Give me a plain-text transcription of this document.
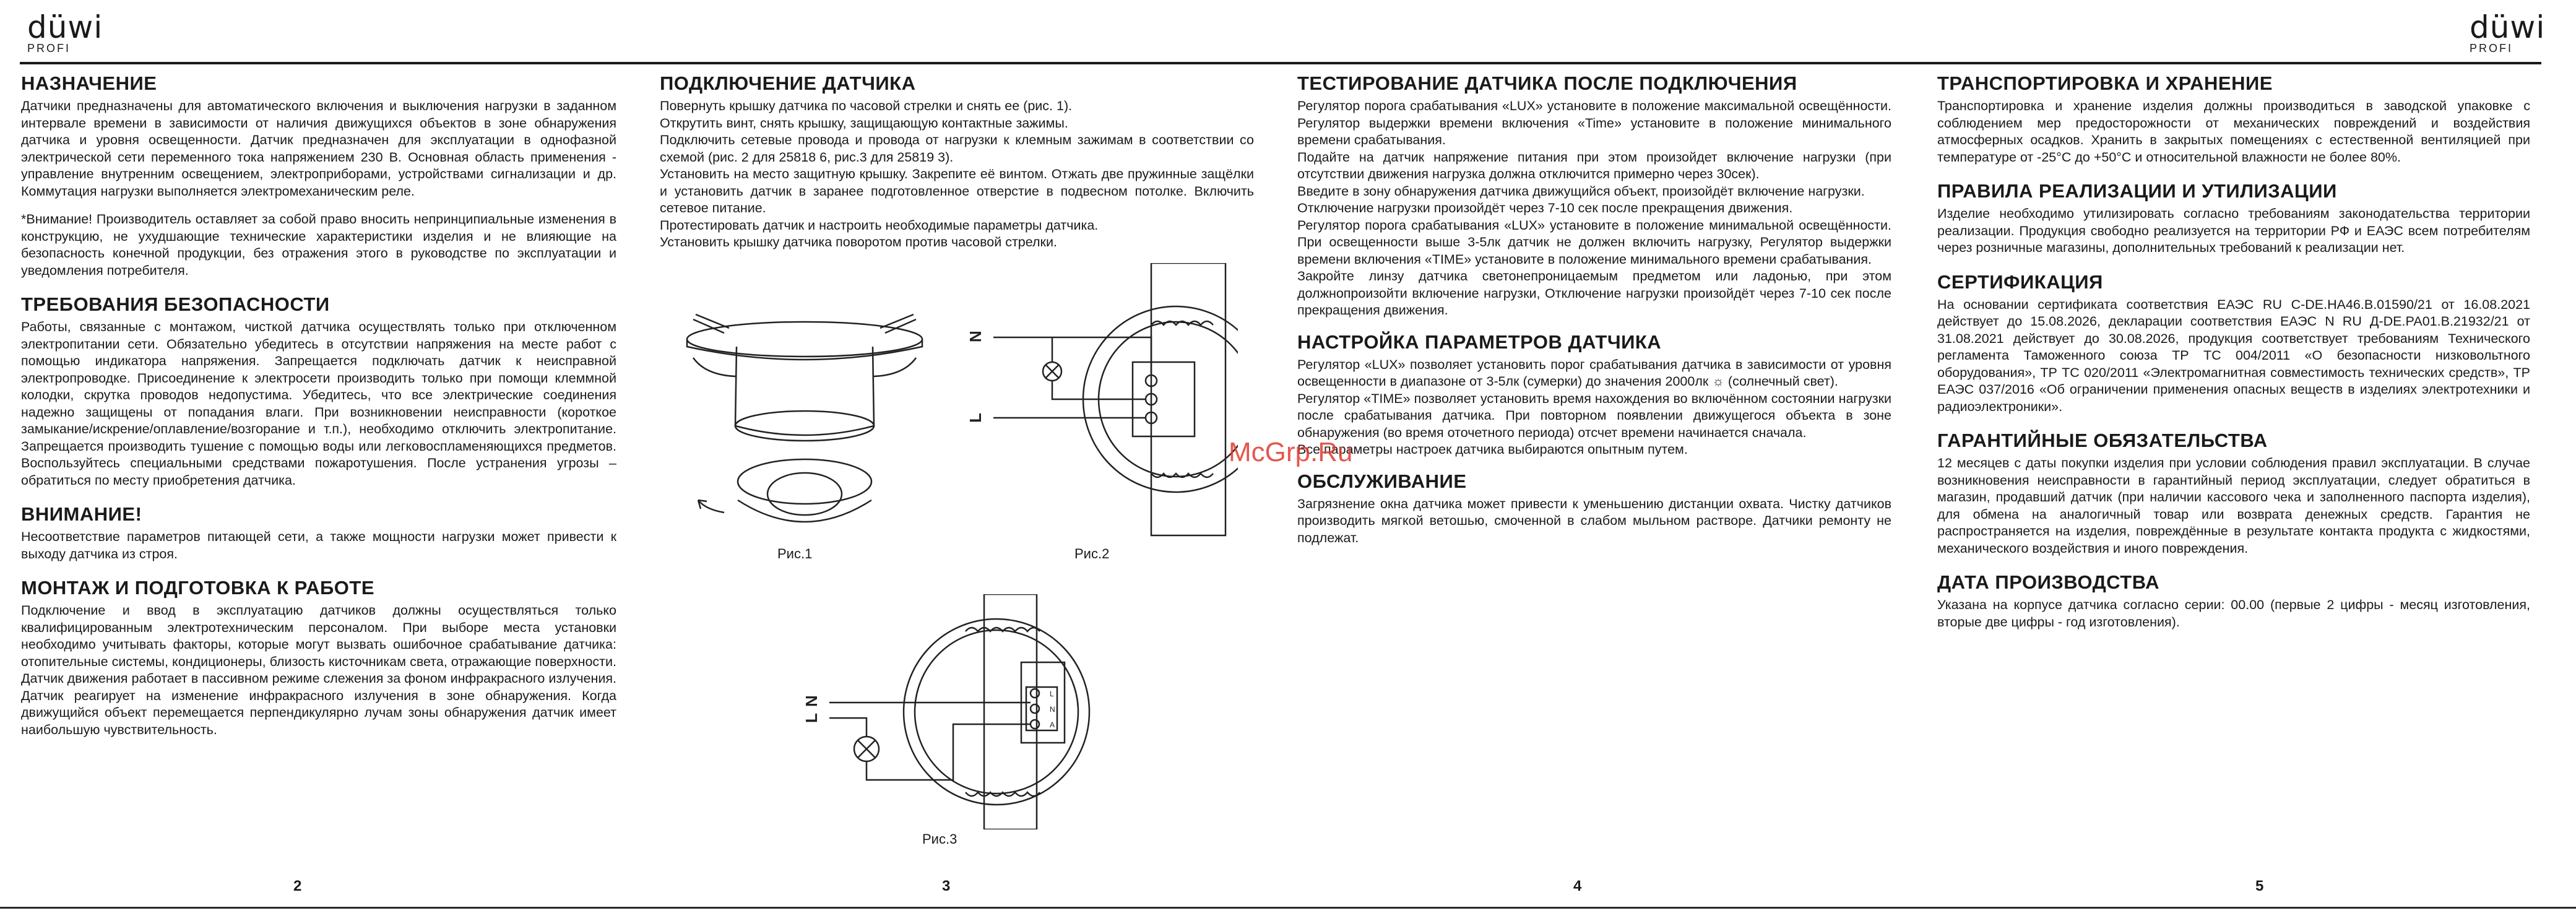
düwi
PROFI
düwi
PROFI
НАЗНАЧЕНИЕ

Датчики предназначены для автоматического включения и выключения нагрузки в заданном интервале времени в зависимости от наличия движущихся объектов в зоне обнаружения датчика и уровня освещенности. Датчик предназначен для эксплуатации в однофазной электрической сети переменного тока напряжением 230 В. Основная область применения - управление внутренним освещением, электроприборами, устройствами сигнализации и др. Коммутация нагрузки выполняется электромеханическим реле.

*Внимание! Производитель оставляет за собой право вносить непринципиальные изменения в конструкцию, не ухудшающие технические характеристики изделия и не влияющие на безопасность конечной продукции, без отражения этого в руководстве по эксплуатации и уведомления потребителя.

ТРЕБОВАНИЯ БЕЗОПАСНОСТИ

Работы, связанные с монтажом, чисткой датчика осуществлять только при отключенном электропитании сети. Обязательно убедитесь в отсутствии напряжения на месте работ с помощью индикатора напряжения. Запрещается подключать датчик к неисправной электропроводке. Присоединение к электросети производить только при помощи клеммной колодки, скрутка проводов недопустима. Убедитесь, что все электрические соединения надежно защищены от попадания влаги. При возникновении неисправности (короткое замыкание/искрение/оплавление/возгорание и т.п.), необходимо отключить электропитание. Запрещается производить тушение с помощью воды или легковоспламеняющихся предметов. Воспользуйтесь специальными средствами пожаротушения. После устранения угрозы – обратиться по месту приобретения датчика.

ВНИМАНИЕ!

Несоответствие параметров питающей сети, а также мощности нагрузки может привести к выходу датчика из строя.

МОНТАЖ И ПОДГОТОВКА К РАБОТЕ

Подключение и ввод в эксплуатацию датчиков должны осуществляться только квалифицированным электротехническим персоналом. При выборе места установки необходимо учитывать факторы, которые могут вызвать ошибочное срабатывание датчика: отопительные системы, кондиционеры, близость кисточникам света, отражающие поверхности. Датчик движения работает в пассивном режиме слежения за фоном инфракрасного излучения. Датчик реагирует на изменение инфракрасного излучения в зоне обнаружения. Когда движущийся объект перемещается перпендикулярно лучам зоны обнаружения датчик имеет наибольшую чувствительность.

ПОДКЛЮЧЕНИЕ ДАТЧИКА

Повернуть крышку датчика по часовой стрелки и снять ее (рис. 1).

Открутить винт, снять крышку, защищающую контактные зажимы.

Подключить сетевые провода и провода от нагрузки к клемным зажимам в соответствии со схемой (рис. 2 для 25818 6, рис.3 для 25819 3).

Установить на место защитную крышку. Закрепите её винтом. Отжать две пружинные защёлки и установить датчик в заранее подготовленное отверстие в подвесном потолке. Включить сетевое питание.

Протестировать датчик и настроить необходимые параметры датчика.

Установить крышку датчика поворотом против часовой стрелки.

Рис.1
N
L
Рис.2
N
L
L
N
A
Рис.3
ТЕСТИРОВАНИЕ ДАТЧИКА ПОСЛЕ ПОДКЛЮЧЕНИЯ

Регулятор порога срабатывания «LUX» установите в положение максимальной освещённости. Регулятор выдержки времени включения «Time» установите в положение минимального времени срабатывания.

Подайте на датчик напряжение питания при этом произойдет включение нагрузки (при отсутствии движения нагрузка должна отключится примерно через 30сек).

Введите в зону обнаружения датчика движущийся объект, произойдёт включение нагрузки.

Отключение нагрузки произойдёт через 7-10 сек после прекращения движения.

Регулятор порога срабатывания «LUX» установите в положение минимальной освещённости. При освещенности выше 3-5лк датчик не должен включить нагрузку, Регулятор выдержки времени включения «TIME» установите в положение минимального времени срабатывания.

Закройте линзу датчика светонепроницаемым предметом или ладонью, при этом должнопроизойти включение нагрузки, Отключение нагрузки произойдёт через 7-10 сек после прекращения движения.

НАСТРОЙКА ПАРАМЕТРОВ ДАТЧИКА

Регулятор «LUX» позволяет установить порог срабатывания датчика в зависимости от уровня освещенности в диапазоне от 3-5лк (сумерки) до значения 2000лк ☼ (солнечный свет).

Регулятор «TIME» позволяет установить время нахождения во включённом состоянии нагрузки после срабатывания датчика. При повторном появлении движущегося объекта в зоне обнаружения (во время оточетного периода) отсчет времени начинается сначала.

Все параметры настроек датчика выбираются опытным путем.

ОБСЛУЖИВАНИЕ

Загрязнение окна датчика может привести к уменьшению дистанции охвата. Чистку датчиков производить мягкой ветошью, смоченной в слабом мыльном растворе. Датчики ремонту не подлежат.

ТРАНСПОРТИРОВКА И ХРАНЕНИЕ

Транспортировка и хранение изделия должны производиться в заводской упаковке с соблюдением мер предосторожности от механических повреждений и воздействия атмосферных осадков. Хранить в закрытых помещениях с естественной вентиляцией при температуре от -25°С до +50°С и относительной влажности не более 80%.

ПРАВИЛА РЕАЛИЗАЦИИ И УТИЛИЗАЦИИ

Изделие необходимо утилизировать согласно требованиям законодательства территории реализации. Продукция свободно реализуется на территории РФ и ЕАЭС всем потребителям через розничные магазины, дополнительных требований к реализации нет.

СЕРТИФИКАЦИЯ

На основании сертификата соответствия ЕАЭС RU С-DE.НА46.В.01590/21 от 16.08.2021 действует до 15.08.2026, декларации соответствия ЕАЭС N RU Д-DE.РА01.В.21932/21 от 31.08.2021 действует до 30.08.2026, продукция соответствует требованиям Технического регламента Таможенного союза ТР ТС 004/2011 «О безопасности низковольтного оборудования», ТР ТС 020/2011 «Электромагнитная совместимость технических средств», ТР ЕАЭС 037/2016 «Об ограничении применения опасных веществ в изделиях электротехники и радиоэлектроники».

ГАРАНТИЙНЫЕ ОБЯЗАТЕЛЬСТВА

12 месяцев с даты покупки изделия при условии соблюдения правил эксплуатации. В случае возникновения неисправности в гарантийный период эксплуатации, следует обратиться в магазин, продавший датчик (при наличии кассового чека и заполненного паспорта изделия), для обмена на аналогичный товар или возврата денежных средств. Гарантия не распространяется на изделия, повреждённые в результате контакта продукта с жидкостями, механического воздействия и иного повреждения.

ДАТА ПРОИЗВОДСТВА

Указана на корпусе датчика согласно серии: 00.00 (первые 2 цифры - месяц изготовления, вторые две цифры - год изготовления).

McGrp.Ru
2	3	4	5
